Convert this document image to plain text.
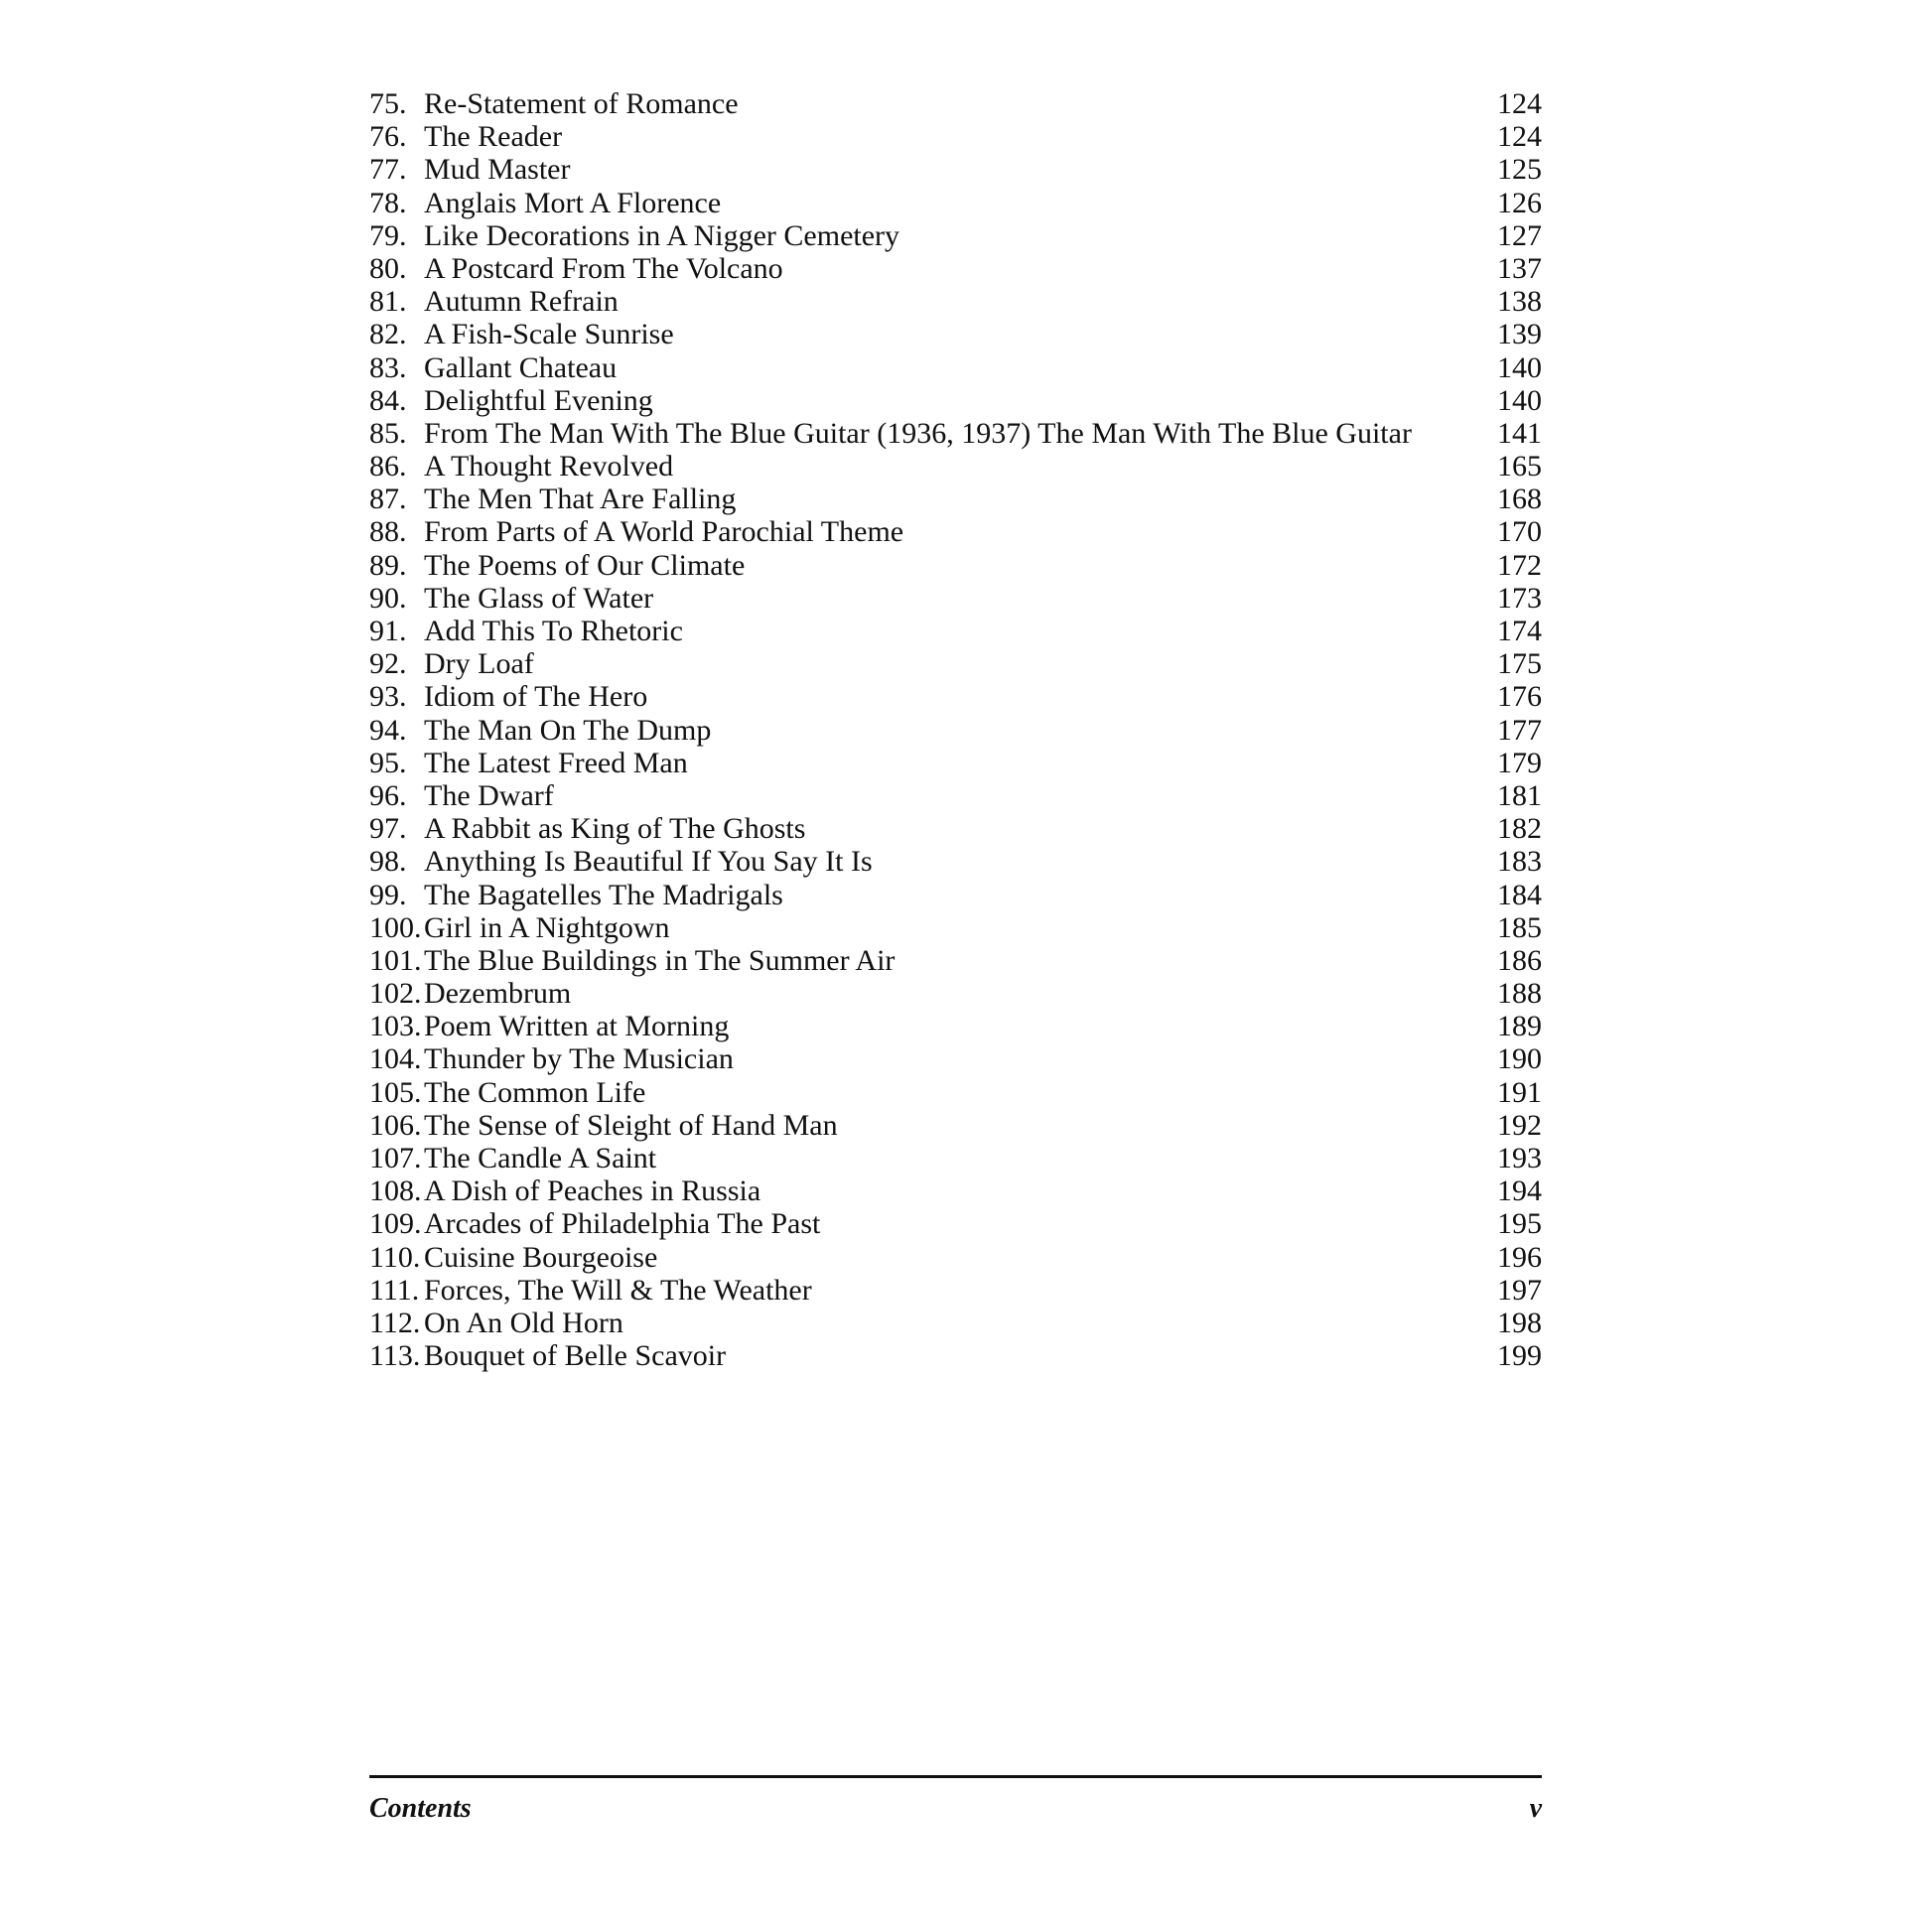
75. Re-Statement of Romance	124
76. The Reader	124
77. Mud Master	125
78. Anglais Mort A Florence	126
79. Like Decorations in A Nigger Cemetery	127
80. A Postcard From The Volcano	137
81. Autumn Refrain	138
82. A Fish-Scale Sunrise	139
83. Gallant Chateau	140
84. Delightful Evening	140
85. From The Man With The Blue Guitar (1936, 1937) The Man With The Blue Guitar	141
86. A Thought Revolved	165
87. The Men That Are Falling	168
88. From Parts of A World Parochial Theme	170
89. The Poems of Our Climate	172
90. The Glass of Water	173
91. Add This To Rhetoric	174
92. Dry Loaf	175
93. Idiom of The Hero	176
94. The Man On The Dump	177
95. The Latest Freed Man	179
96. The Dwarf	181
97. A Rabbit as King of The Ghosts	182
98. Anything Is Beautiful If You Say It Is	183
99. The Bagatelles The Madrigals	184
100. Girl in A Nightgown	185
101. The Blue Buildings in The Summer Air	186
102. Dezembrum	188
103. Poem Written at Morning	189
104. Thunder by The Musician	190
105. The Common Life	191
106. The Sense of Sleight of Hand Man	192
107. The Candle A Saint	193
108. A Dish of Peaches in Russia	194
109. Arcades of Philadelphia The Past	195
110. Cuisine Bourgeoise	196
111. Forces, The Will & The Weather	197
112. On An Old Horn	198
113. Bouquet of Belle Scavoir	199
Contents	v
